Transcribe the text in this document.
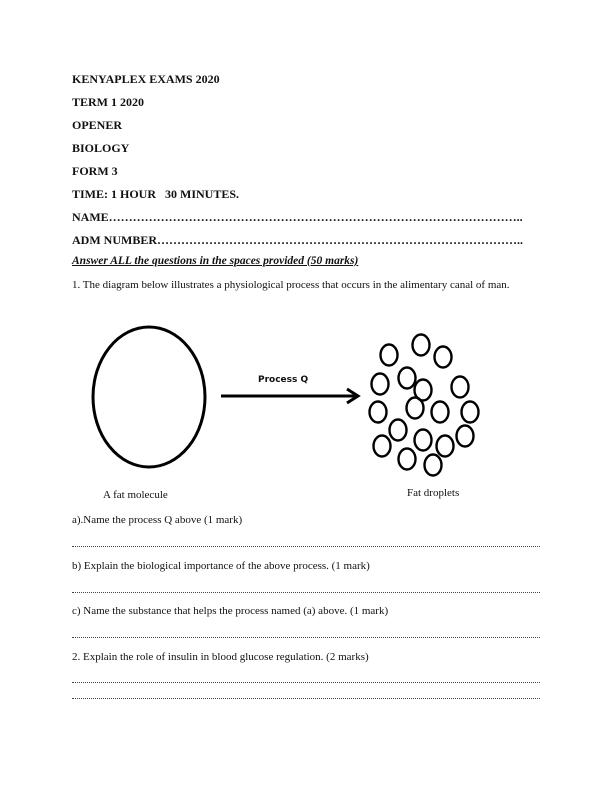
KENYAPLEX EXAMS 2020
TERM 1 2020
OPENER
BIOLOGY
FORM 3
TIME: 1 HOUR   30 MINUTES.
NAME…………………………………………………………………………………………..
ADM NUMBER………………………………………………………………………………..
Answer ALL the questions in the spaces provided (50 marks)
1. The diagram below illustrates a physiological process that occurs in the alimentary canal of man.
Process Q
A fat molecule	Fat droplets
a).Name the process Q above (1 mark)
b) Explain the biological importance of the above process. (1 mark)
c) Name the substance that helps the process named (a) above. (1 mark)
2. Explain the role of insulin in blood glucose regulation. (2 marks)
